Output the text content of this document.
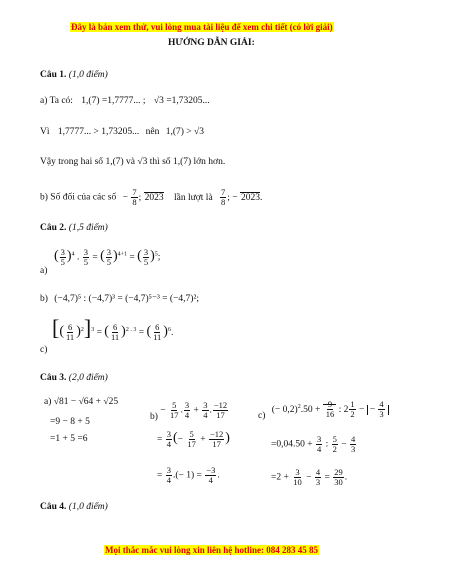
Đây là bản xem thử, vui lòng mua tài liệu để xem chi tiết (có lời giải)
HƯỚNG DẪN GIẢI:
Câu 1. (1,0 điểm)
a) Ta có: 1,(7) =1,7777... ; √3 =1,73205...
Vì 1,7777... > 1,73205... nên 1,(7) > √3
Vậy trong hai số 1,(7) và √3 thì số 1,(7) lớn hơn.
b) Số đối của các số − $\frac{7}{8}$ ; 2023 lần lượt là $\frac{7}{8}$ ; − 2023.
Câu 2. (1,5 điểm)
a)
( $\frac{3}{5} )^4$ . $\frac{3}{5}$ = ( $\frac{3}{5} )^{4+1}$ = ( $\frac{3}{5} )^5$;
b) (−4,7)⁵ : (−4,7)³ = (−4,7)⁵⁻³ = (−4,7)²;
c)
[( $\frac{6}{11} )^2]^3$ = ( $\frac{6}{11} )^{2 . 3}$ = ( $\frac{6}{11} )^6$.
Câu 3. (2,0 điểm)
a) √81 − √64 + √25
=9 − 8 + 5
=1 + 5 =6
$b) - \frac{5}{17}$ . $\frac{3}{4} + \frac{3}{4}$ . $\frac{-12}{17}$
= $\frac{3}{4}$ (− $\frac{5}{17} + \frac{-12}{17}$ )
= $\frac{3}{4}$ .(− $1) = \frac{-3}{4}$ .
c) (− $0,2)^2.50 + \frac{9}{16}$ : $2 \frac{1}{2}$ − − $\frac{4}{3}$
$=0,04.50 + \frac{3}{4}$ : $\frac{5}{2} - \frac{4}{3}$
$=2 + \frac{3}{10} - \frac{4}{3} = \frac{29}{30}$ .
Câu 4. (1,0 điểm)
Mọi thắc mắc vui lòng xin liên hệ hotline: 084 283 45 85
